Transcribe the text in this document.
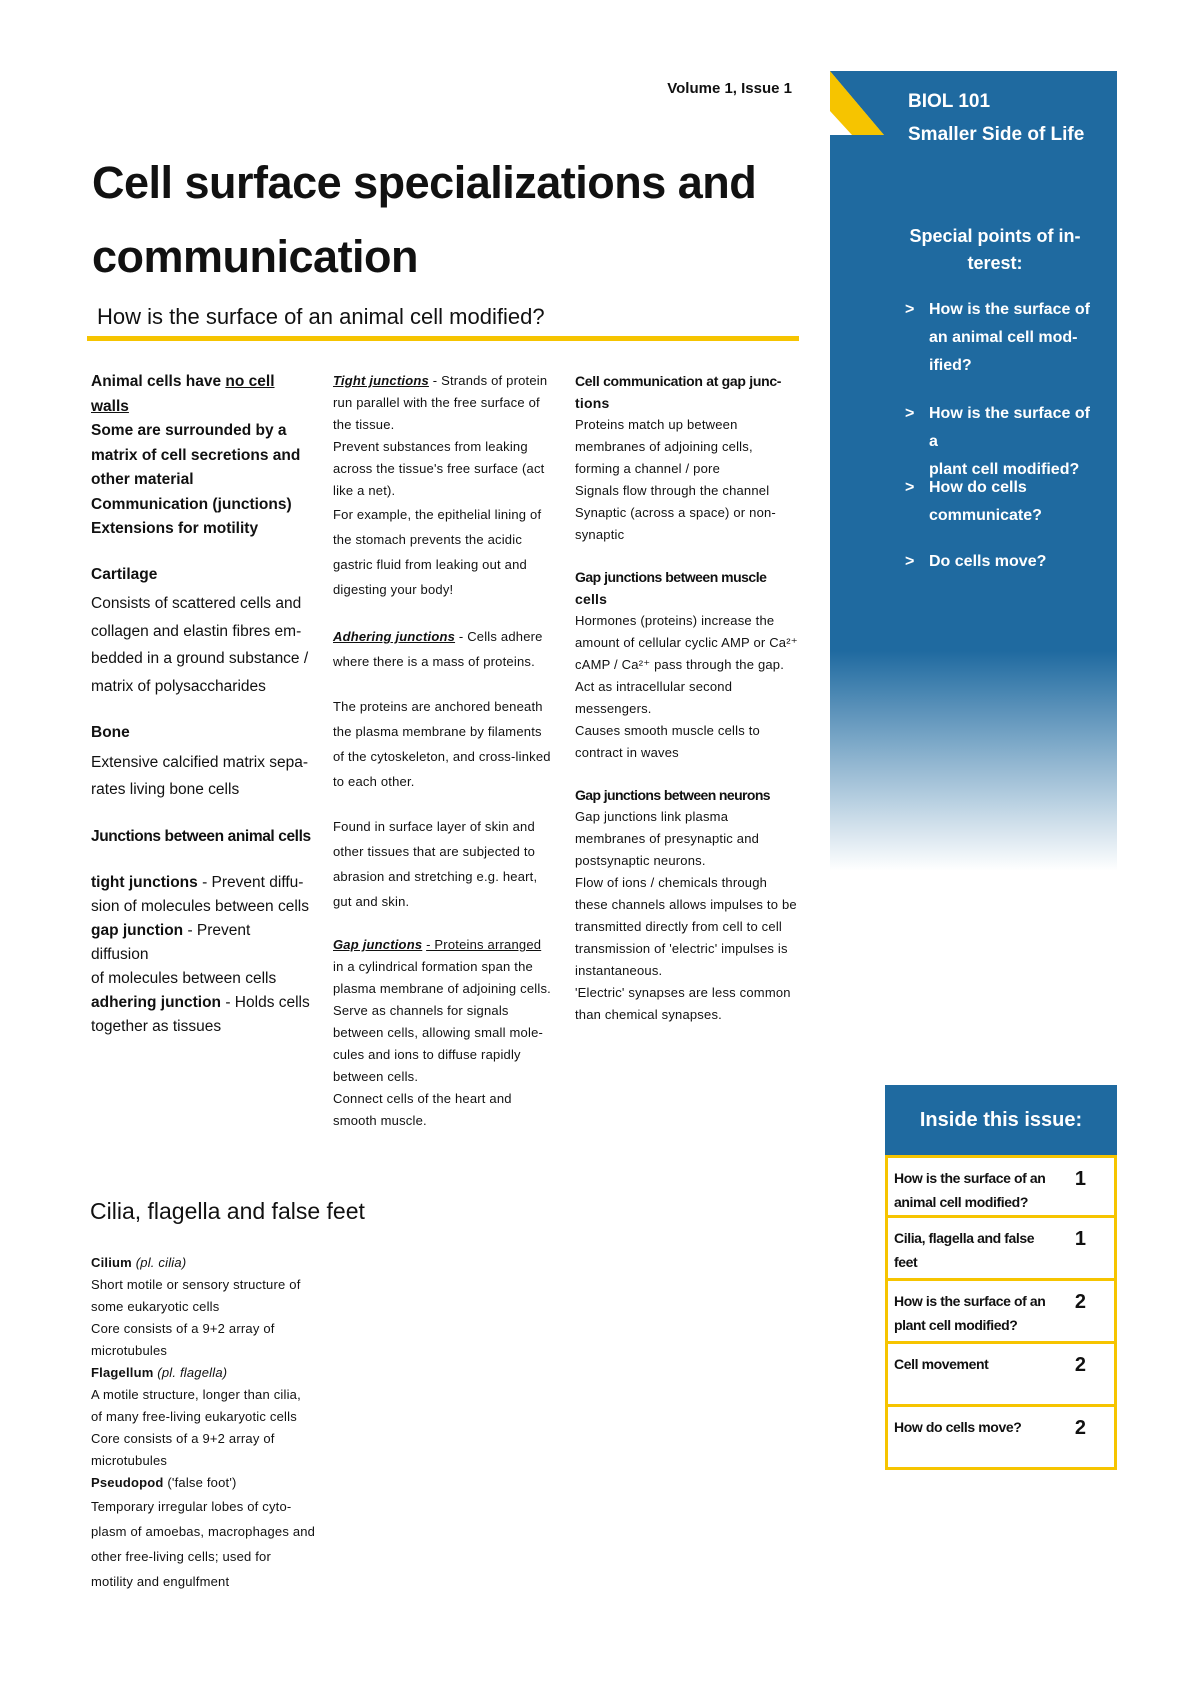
Volume 1, Issue 1
Cell surface specializations and
communication
How is the surface of an animal cell modified?

Animal cells have no cell walls

Some are surrounded by a

matrix of cell secretions and

other material

Communication (junctions)

Extensions for motility

Cartilage

Consists of scattered cells and

collagen and elastin fibres em-

bedded in a ground substance /

matrix of polysaccharides

Bone

Extensive calcified matrix sepa-

rates living bone cells

Junctions between animal cells

tight junctions - Prevent diffu-

sion of molecules between cells

gap junction - Prevent diffusion

of molecules between cells

adhering junction - Holds cells

together as tissues

Tight junctions - Strands of protein

run parallel with the free surface of

the tissue.

Prevent substances from leaking

across the tissue's free surface (act

like a net).

For example, the epithelial lining of

the stomach prevents the acidic

gastric fluid from leaking out and

digesting your body!

Adhering junctions - Cells adhere

where there is a mass of proteins.

The proteins are anchored beneath

the plasma membrane by filaments

of the cytoskeleton, and cross-linked

to each other.

Found in surface layer of skin and

other tissues that are subjected to

abrasion and stretching e.g. heart,

gut and skin.

Gap junctions - Proteins arranged

in a cylindrical formation span the

plasma membrane of adjoining cells.

Serve as channels for signals

between cells, allowing small mole-

cules and ions to diffuse rapidly

between cells.

Connect cells of the heart and

smooth muscle.

Cell communication at gap junc-

tions

Proteins match up between

membranes of adjoining cells,

forming a channel / pore

Signals flow through the channel

Synaptic (across a space) or non-

synaptic

Gap junctions between muscle

cells

Hormones (proteins) increase the

amount of cellular cyclic AMP or Ca²⁺

cAMP / Ca²⁺ pass through the gap.

Act as intracellular second

messengers.

Causes smooth muscle cells to

contract in waves

Gap junctions between neurons

Gap junctions link plasma

membranes of presynaptic and

postsynaptic neurons.

Flow of ions / chemicals through

these channels allows impulses to be

transmitted directly from cell to cell

transmission of 'electric' impulses is

instantaneous.

'Electric' synapses are less common

than chemical synapses.

Cilia, flagella and false feet

Cilium (pl. cilia)

Short motile or sensory structure of

some eukaryotic cells

Core consists of a 9+2 array of

microtubules

Flagellum (pl. flagella)

A motile structure, longer than cilia,

of many free-living eukaryotic cells

Core consists of a 9+2 array of

microtubules

Pseudopod ('false foot')

Temporary irregular lobes of cyto-

plasm of amoebas, macrophages and

other free-living cells; used for

motility and engulfment

BIOL 101
Smaller Side of Life
Special points of in-terest:
> How is the surface of
an animal cell mod-
ified?
> How is the surface of a
plant cell modified?
> How do cells
communicate?
> Do cells move?
Inside this issue:
How is the surface of an animal cell modified?
1
Cilia, flagella and false feet
1
How is the surface of an plant cell modified?
2
Cell movement	2
How do cells move?	2
